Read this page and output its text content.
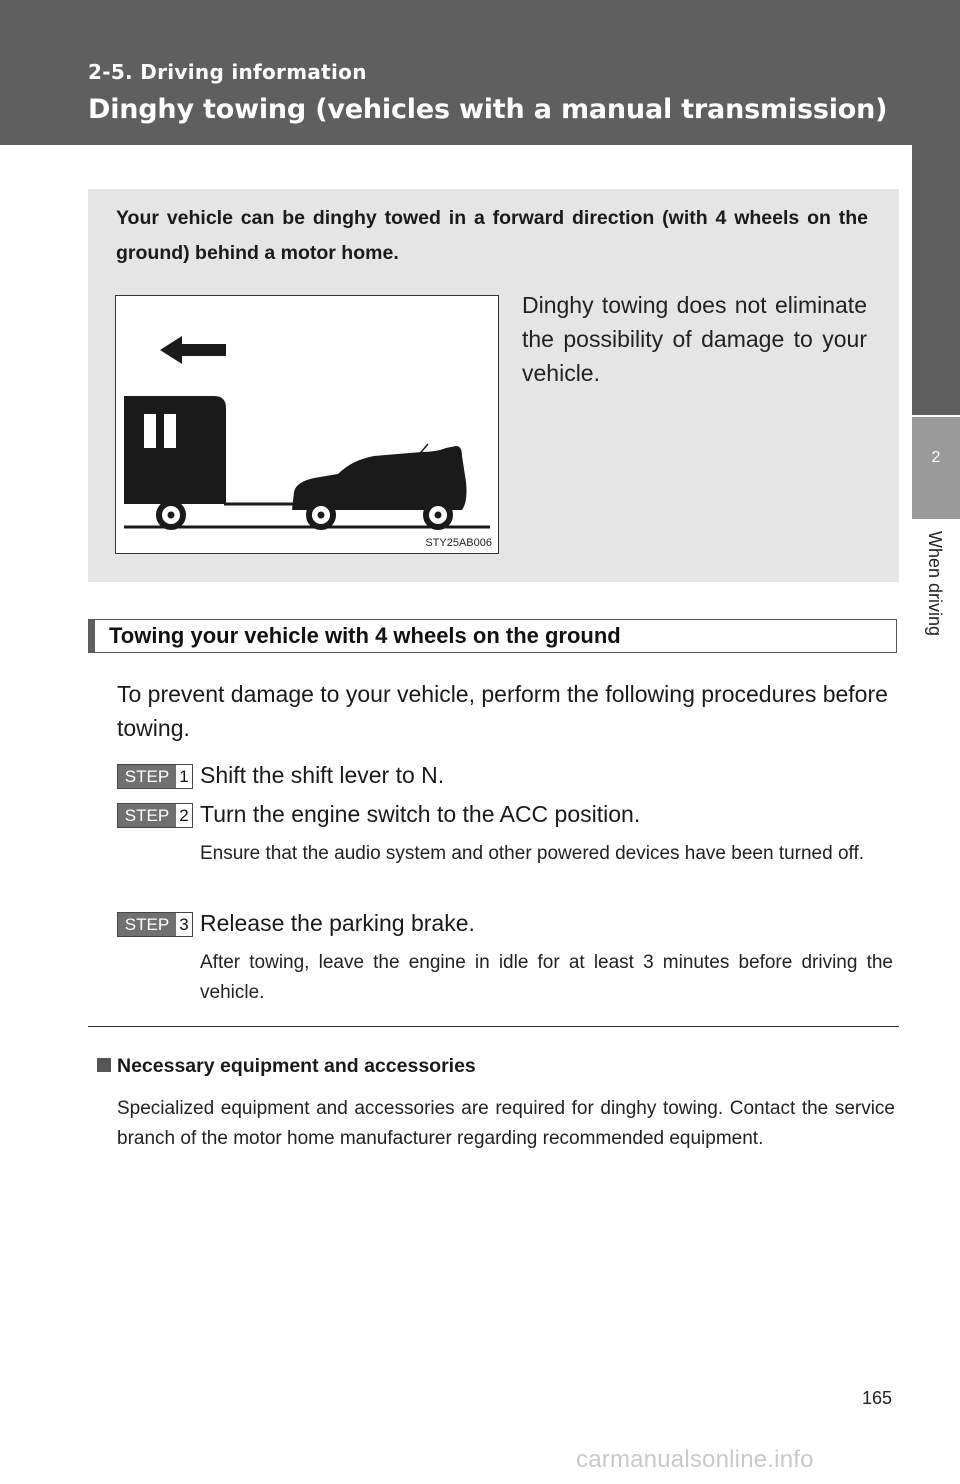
2-5. Driving information
Dinghy towing (vehicles with a manual transmission)
2
When driving
Your vehicle can be dinghy towed in a forward direction (with 4 wheels on the ground) behind a motor home.
STY25AB006
Dinghy towing does not eliminate the possibility of damage to your vehicle.
Towing your vehicle with 4 wheels on the ground
To prevent damage to your vehicle, perform the following procedures before towing.
STEP 1 Shift the shift lever to N.
STEP 2 Turn the engine switch to the ACC position.
Ensure that the audio system and other powered devices have been turned off.
STEP 3 Release the parking brake.
After towing, leave the engine in idle for at least 3 minutes before driving the vehicle.
Necessary equipment and accessories
Specialized equipment and accessories are required for dinghy towing. Contact the service branch of the motor home manufacturer regarding recommended equipment.
165
carmanualsonline.info
